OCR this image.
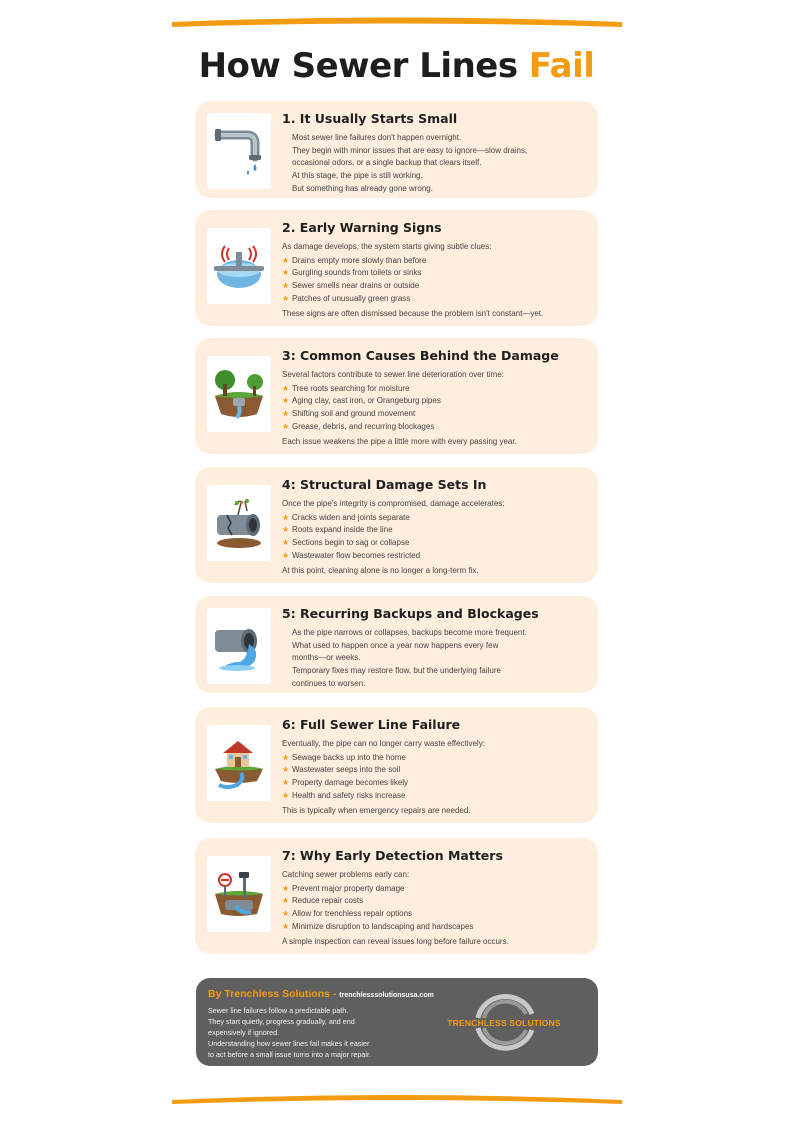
How Sewer Lines Fail
1. It Usually Starts Small

Most sewer line failures don't happen overnight.

They begin with minor issues that are easy to ignore—slow drains,

occasional odors, or a single backup that clears itself.

At this stage, the pipe is still working.

But something has already gone wrong.

2. Early Warning Signs

As damage develops, the system starts giving subtle clues:

★ Drains empty more slowly than before
★ Gurgling sounds from toilets or sinks
★ Sewer smells near drains or outside
★ Patches of unusually green grass

These signs are often dismissed because the problem isn't constant—yet.

3: Common Causes Behind the Damage

Several factors contribute to sewer line deterioration over time:

★ Tree roots searching for moisture
★ Aging clay, cast iron, or Orangeburg pipes
★ Shifting soil and ground movement
★ Grease, debris, and recurring blockages

Each issue weakens the pipe a little more with every passing year.

4: Structural Damage Sets In

Once the pipe's integrity is compromised, damage accelerates:

★ Cracks widen and joints separate
★ Roots expand inside the line
★ Sections begin to sag or collapse
★ Wastewater flow becomes restricted

At this point, cleaning alone is no longer a long-term fix.

5: Recurring Backups and Blockages

As the pipe narrows or collapses, backups become more frequent.

What used to happen once a year now happens every few

months—or weeks.

Temporary fixes may restore flow, but the underlying failure

continues to worsen.

6: Full Sewer Line Failure

Eventually, the pipe can no longer carry waste effectively:

★ Sewage backs up into the home
★ Wastewater seeps into the soil
★ Property damage becomes likely
★ Health and safety risks increase

This is typically when emergency repairs are needed.

7: Why Early Detection Matters

Catching sewer problems early can:

★ Prevent major property damage
★ Reduce repair costs
★ Allow for trenchless repair options
★ Minimize disruption to landscaping and hardscapes

A simple inspection can reveal issues long before failure occurs.

By Trenchless Solutions - trenchlesssolutionsusa.com
Sewer line failures follow a predictable path.
They start quietly, progress gradually, and end
expensively if ignored.
Understanding how sewer lines fail makes it easier
to act before a small issue turns into a major repair.
TRENCHLESS SOLUTIONS
